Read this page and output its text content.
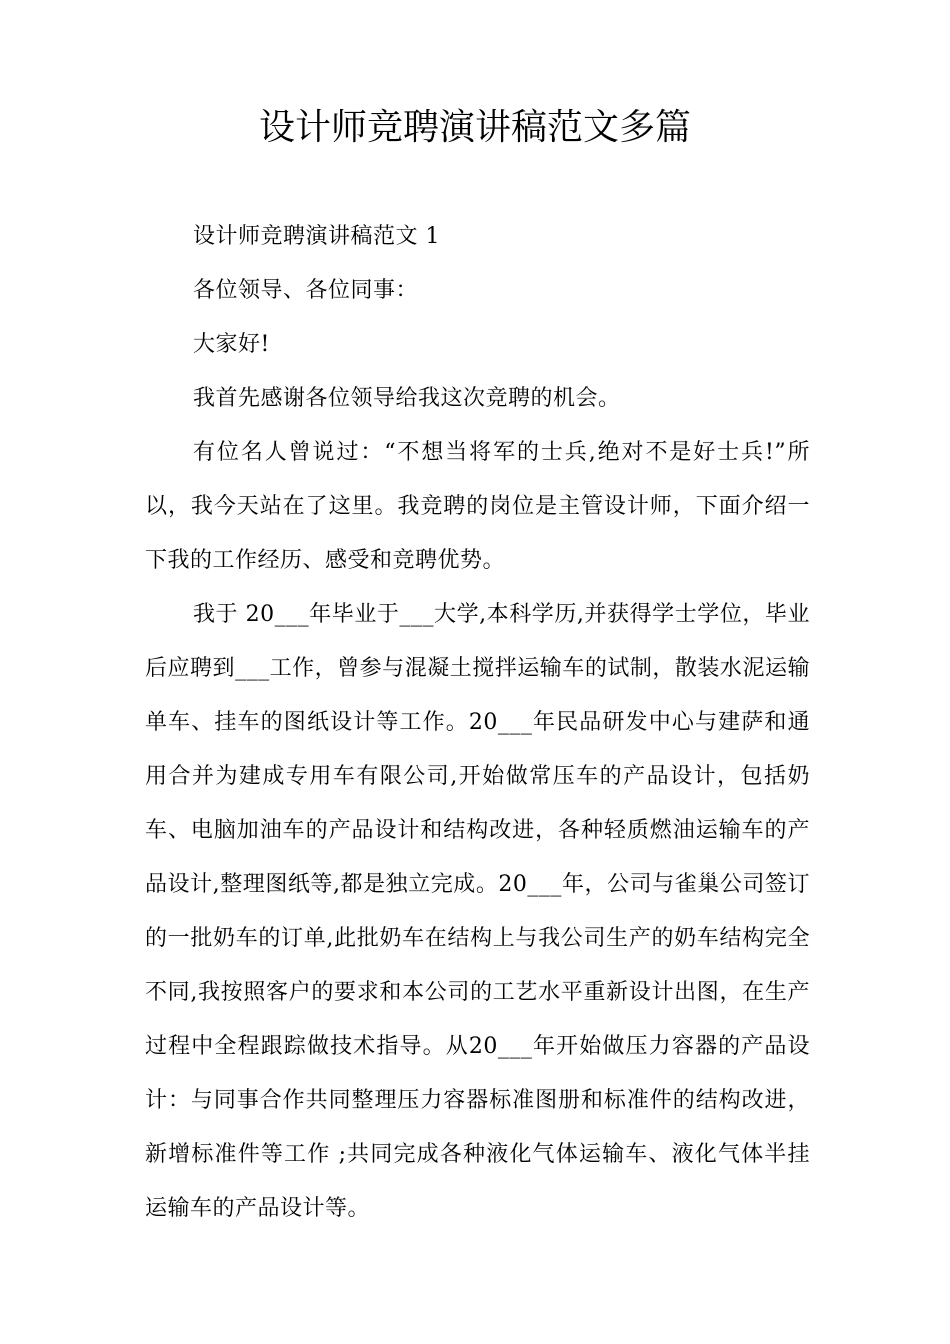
设计师竞聘演讲稿范文多篇

设计师竞聘演讲稿范文 1

各位领导、各位同事：

大家好!

我首先感谢各位领导给我这次竞聘的机会。

有位名人曾说过：“不想当将军的士兵,绝对不是好士兵!”所以，我今天站在了这里。我竞聘的岗位是主管设计师，下面介绍一下我的工作经历、感受和竞聘优势。

我于 20___年毕业于___大学,本科学历,并获得学士学位，毕业后应聘到___工作，曾参与混凝土搅拌运输车的试制，散装水泥运输单车、挂车的图纸设计等工作。20___年民品研发中心与建萨和通用合并为建成专用车有限公司,开始做常压车的产品设计，包括奶车、电脑加油车的产品设计和结构改进，各种轻质燃油运输车的产品设计,整理图纸等,都是独立完成。20___年，公司与雀巢公司签订的一批奶车的订单,此批奶车在结构上与我公司生产的奶车结构完全不同,我按照客户的要求和本公司的工艺水平重新设计出图，在生产过程中全程跟踪做技术指导。从20___年开始做压力容器的产品设计：与同事合作共同整理压力容器标准图册和标准件的结构改进，新增标准件等工作 ;共同完成各种液化气体运输车、液化气体半挂运输车的产品设计等。
